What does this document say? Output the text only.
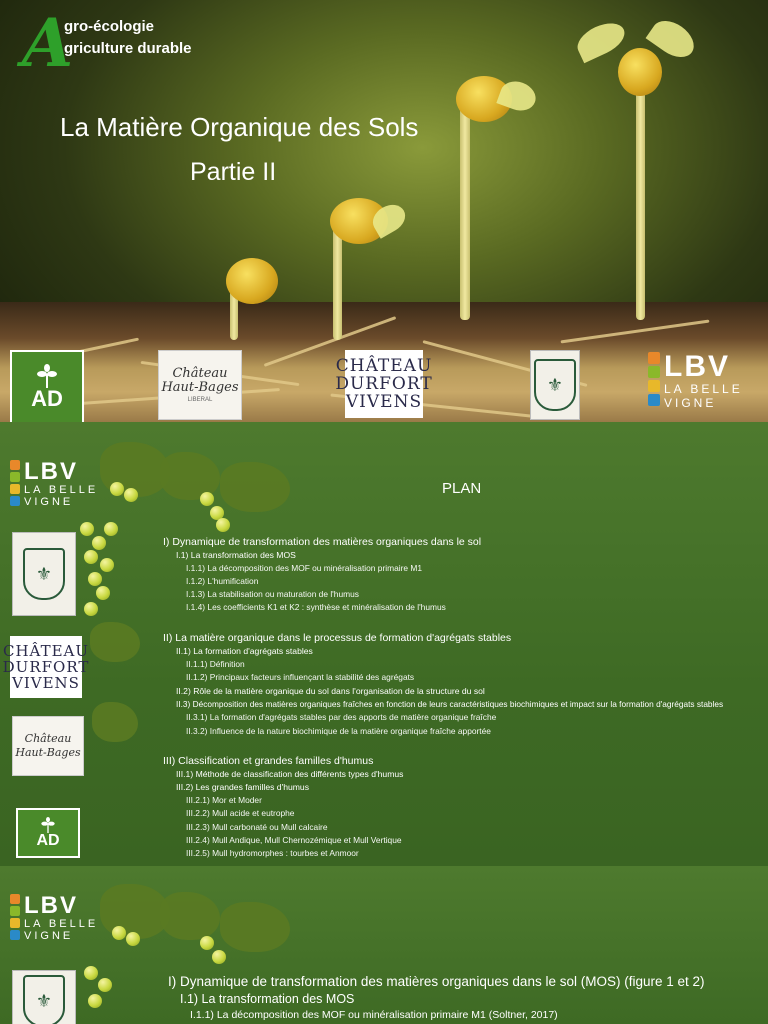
A
gro-écologie
griculture durable
La Matière Organique des Sols
Partie II
AD
Château
Haut-Bages
LIBERAL
CHÂTEAU
DURFORT
VIVENS
⚜
LBV
LA BELLE
VIGNE
LBV
LA BELLE
VIGNE
⚜
CHÂTEAU
DURFORT
VIVENS
Château
Haut-Bages
AD
PLAN
I) Dynamique de transformation des matières organiques dans le sol
I.1) La transformation des MOS
I.1.1) La décomposition des MOF ou minéralisation primaire M1
I.1.2) L'humification
I.1.3) La stabilisation ou maturation de l'humus
I.1.4) Les coefficients K1 et K2 : synthèse et minéralisation de l'humus
II) La matière organique dans le processus de formation d'agrégats stables
II.1) La formation d'agrégats stables
II.1.1) Définition
II.1.2) Principaux facteurs influençant la stabilité des agrégats
II.2) Rôle de la matière organique du sol dans l'organisation de la structure du sol
II.3) Décomposition des matières organiques fraîches en fonction de leurs caractéristiques biochimiques et impact sur la formation d'agrégats stables
II.3.1) La formation d'agrégats stables par des apports de matière organique fraîche
II.3.2) Influence de la nature biochimique de la matière organique fraîche apportée
III) Classification et grandes familles d'humus
III.1) Méthode de classification des différents types d'humus
III.2) Les grandes familles d'humus
III.2.1) Mor et Moder
III.2.2) Mull acide et eutrophe
III.2.3) Mull carbonaté ou Mull calcaire
III.2.4) Mull Andique, Mull Chernozémique et Mull Vertique
III.2.5) Mull hydromorphes : tourbes et Anmoor
LBV
LA BELLE
VIGNE
⚜
I) Dynamique de transformation des matières organiques dans le sol (MOS) (figure 1 et 2)
I.1) La transformation des MOS
I.1.1) La décomposition des MOF ou minéralisation primaire M1 (Soltner, 2017)
